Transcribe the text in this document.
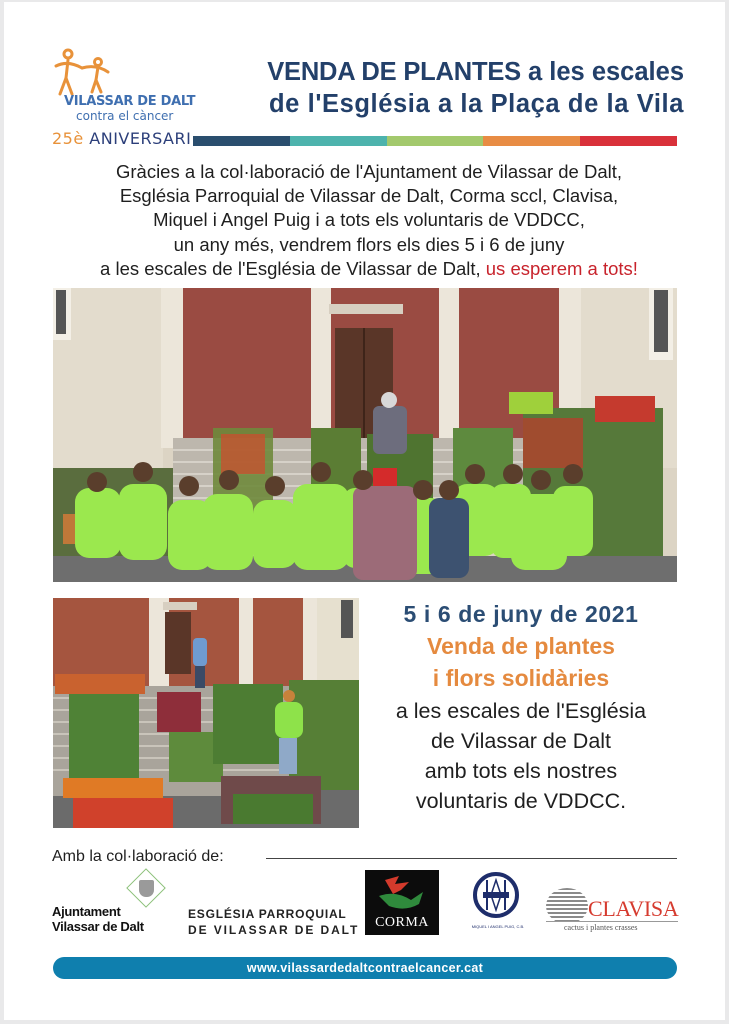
VILASSAR DE DALT
contra el càncer
25è ANIVERSARI
VENDA DE PLANTES a les escales
de l'Església a la Plaça de la Vila
Gràcies a la col·laboració de l'Ajuntament de Vilassar de Dalt,
Església Parroquial de Vilassar de Dalt, Corma sccl, Clavisa,
Miquel i Angel Puig i a tots els voluntaris de VDDCC,
un any més, vendrem flors els dies 5 i 6 de juny
a les escales de l'Església de Vilassar de Dalt, us esperem a tots!
5 i 6 de juny de 2021
Venda de plantes
i flors solidàries
a les escales de l'Església
de Vilassar de Dalt
amb tots els nostres
voluntaris de VDDCC.
Amb la col·laboració de:
Ajuntament
Vilassar de Dalt
ESGLÉSIA PARROQUIAL
DE VILASSAR DE DALT	CORMA	MIQUEL I ANGEL PUIG, C.B.
CLAVISA
cactus i plantes crasses
www.vilassardedaltcontraelcancer.cat
